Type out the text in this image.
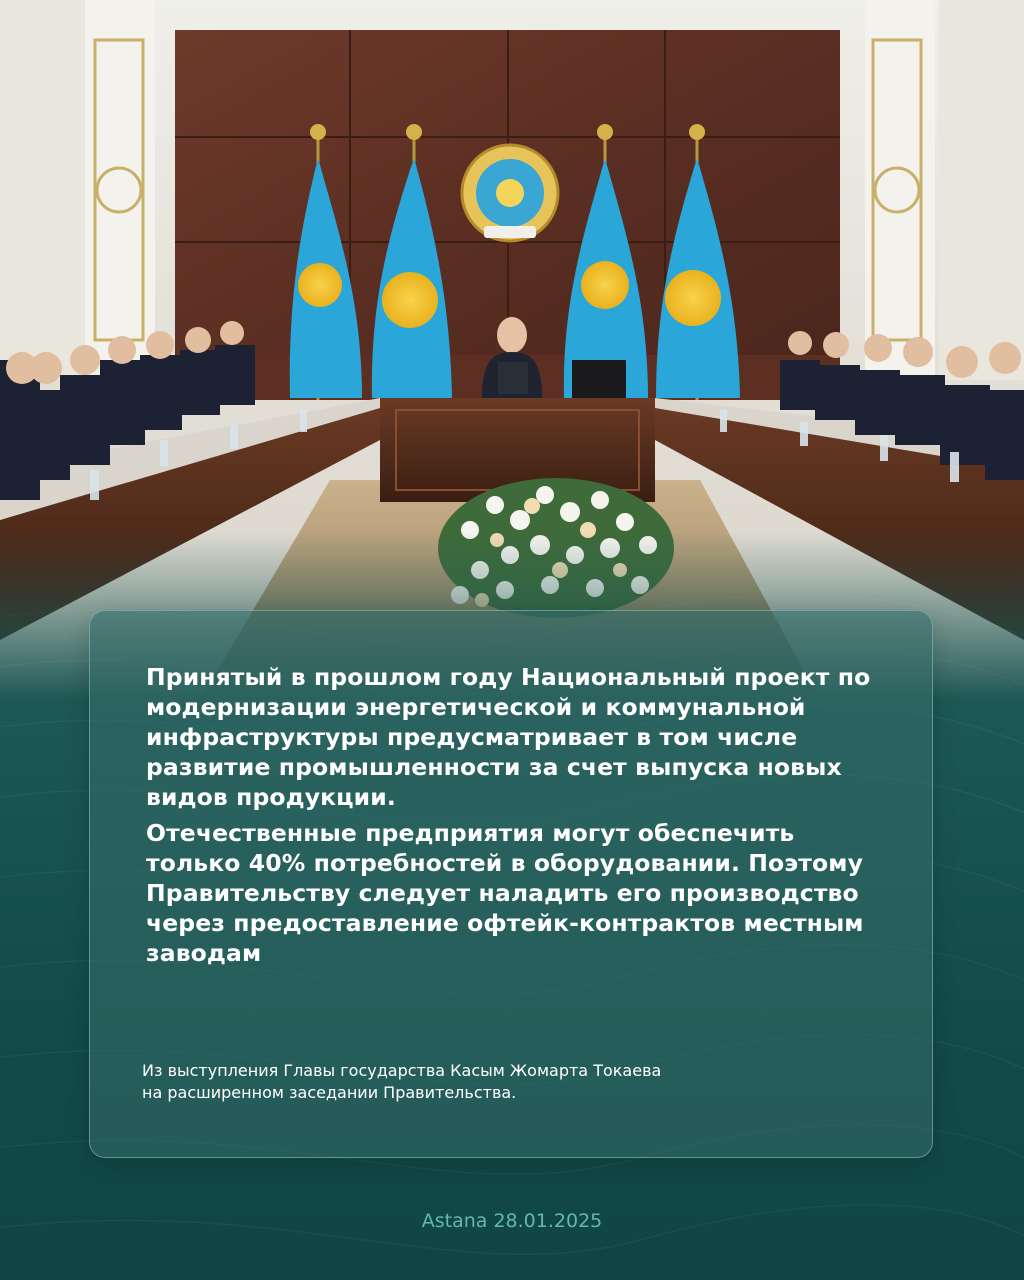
Принятый в прошлом году Национальный проект по модернизации энергетической и коммунальной инфраструктуры предусматривает в том числе развитие промышленности за счет выпуска новых видов продукции.

Отечественные предприятия могут обеспечить только 40% потребностей в оборудовании. Поэтому Правительству следует наладить его производство через предоставление офтейк-контрактов местным заводам

Из выступления Главы государства Касым Жомарта Токаева
на расширенном заседании Правительства.

Astana 28.01.2025
